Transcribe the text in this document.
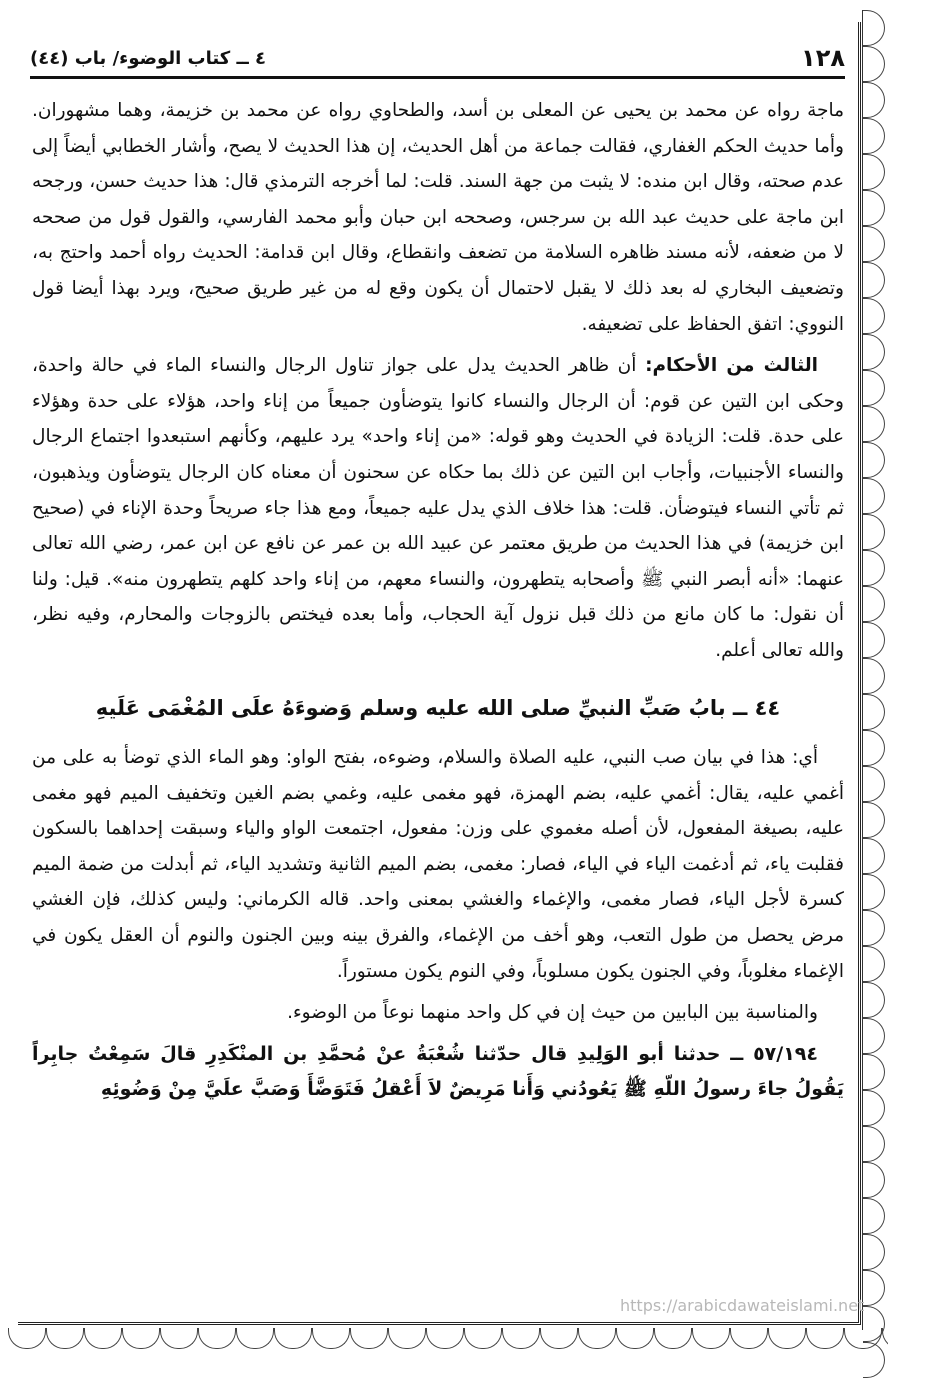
١٢٨
٤ ــ كتاب الوضوء/ باب (٤٤)

ماجة رواه عن محمد بن يحيى عن المعلى بن أسد، والطحاوي رواه عن محمد بن خزيمة، وهما مشهوران. وأما حديث الحكم الغفاري، فقالت جماعة من أهل الحديث، إن هذا الحديث لا يصح، وأشار الخطابي أيضاً إلى عدم صحته، وقال ابن منده: لا يثبت من جهة السند. قلت: لما أخرجه الترمذي قال: هذا حديث حسن، ورجحه ابن ماجة على حديث عبد الله بن سرجس، وصححه ابن حبان وأبو محمد الفارسي، والقول قول من صححه لا من ضعفه، لأنه مسند ظاهره السلامة من تضعف وانقطاع، وقال ابن قدامة: الحديث رواه أحمد واحتج به، وتضعيف البخاري له بعد ذلك لا يقبل لاحتمال أن يكون وقع له من غير طريق صحيح، ويرد بهذا أيضا قول النووي: اتفق الحفاظ على تضعيفه.

الثالث من الأحكام: أن ظاهر الحديث يدل على جواز تناول الرجال والنساء الماء في حالة واحدة، وحكى ابن التين عن قوم: أن الرجال والنساء كانوا يتوضأون جميعاً من إناء واحد، هؤلاء على حدة وهؤلاء على حدة. قلت: الزيادة في الحديث وهو قوله: «من إناء واحد» يرد عليهم، وكأنهم استبعدوا اجتماع الرجال والنساء الأجنبيات، وأجاب ابن التين عن ذلك بما حكاه عن سحنون أن معناه كان الرجال يتوضأون ويذهبون، ثم تأتي النساء فيتوضأن. قلت: هذا خلاف الذي يدل عليه جميعاً، ومع هذا جاء صريحاً وحدة الإناء في (صحيح ابن خزيمة) في هذا الحديث من طريق معتمر عن عبيد الله بن عمر عن نافع عن ابن عمر، رضي الله تعالى عنهما: «أنه أبصر النبي ﷺ وأصحابه يتطهرون، والنساء معهم، من إناء واحد كلهم يتطهرون منه». قيل: ولنا أن نقول: ما كان مانع من ذلك قبل نزول آية الحجاب، وأما بعده فيختص بالزوجات والمحارم، وفيه نظر، والله تعالى أعلم.

٤٤ ــ بابُ صَبِّ النبيِّ صلى الله عليه وسلم وَضوءَهُ علَى المُغْمَى عَلَيهِ

أي: هذا في بيان صب النبي، عليه الصلاة والسلام، وضوءه، بفتح الواو: وهو الماء الذي توضأ به على من أغمي عليه، يقال: أغمي عليه، بضم الهمزة، فهو مغمى عليه، وغمي بضم الغين وتخفيف الميم فهو مغمى عليه، بصيغة المفعول، لأن أصله مغموي على وزن: مفعول، اجتمعت الواو والياء وسبقت إحداهما بالسكون فقلبت ياء، ثم أدغمت الياء في الياء، فصار: مغمى، بضم الميم الثانية وتشديد الياء، ثم أبدلت من ضمة الميم كسرة لأجل الياء، فصار مغمى، والإغماء والغشي بمعنى واحد. قاله الكرماني: وليس كذلك، فإن الغشي مرض يحصل من طول التعب، وهو أخف من الإغماء، والفرق بينه وبين الجنون والنوم أن العقل يكون في الإغماء مغلوباً، وفي الجنون يكون مسلوباً، وفي النوم يكون مستوراً.

والمناسبة بين البابين من حيث إن في كل واحد منهما نوعاً من الوضوء.

٥٧/١٩٤ ــ حدثنا أبو الوَلِيدِ قال حدّثنا شُعْبَةُ عنْ مُحمَّدِ بن المنْكَدِرِ قالَ سَمِعْتُ جابِراً يَقُولُ جاءَ رسولُ اللّهِ ﷺ يَعُودُني وَأَنا مَرِيضٌ لاَ أَعْقلُ فَتَوَضَّأَ وَصَبَّ علَيَّ مِنْ وَضُوئِهِ

https://arabicdawateislami.net
